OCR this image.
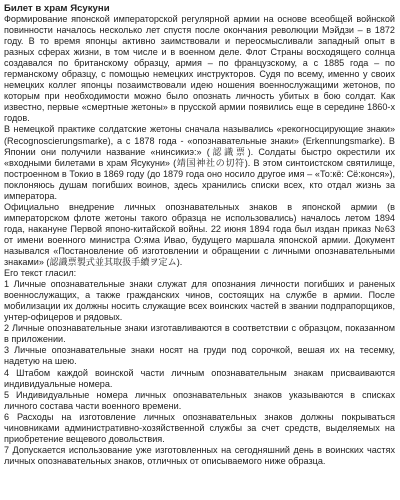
Билет в храм Ясукуни

Формирование японской императорской регулярной армии на основе всеобщей войнской повинности началось несколько лет спустя после окончания революции Мэйдзи – в 1872 году. В то время японцы активно заимствовали и переосмысливали западный опыт в разных сферах жизни, в том числе и в военном деле. Флот Страны восходящего солнца создавался по британскому образцу, армия – по французскому, а с 1885 года – по германскому образцу, с помощью немецких инструкторов. Судя по всему, именно у своих немецких коллег японцы позаимствовали идею ношения военнослужащими жетонов, по которым при необходимости можно было опознать личность убитых в бою солдат. Как известно, первые «смертные жетоны» в прусской армии появились еще в середине 1860-х годов.

В немецкой практике солдатские жетоны сначала назывались «рекогносцирующие знаки» (Recognoscierungsmarke), а с 1878 года - «опознавательные знаки» (Erkennungsmarke). В Японии они получили название «нинсикиэ:» (認識票). Солдаты быстро окрестили их «входными билетами в храм Ясукуни» (靖国神社の切符). В этом синтоистском святилище, построенном в Токио в 1869 году (до 1879 года оно носило другое имя – «То:кё: Сё:конся»), поклоняюсь душам погибших воинов, здесь хранились списки всех, кто отдал жизнь за императора.

Официально внедрение личных опознавательных знаков в японской армии (в императорском флоте жетоны такого образца не использовались) началось летом 1894 года, накануне Первой японо-китайской войны. 22 июня 1894 года был издан приказ №63 от имени военного министра О:яма Ивао, будущего маршала японской армии. Документ назывался «Постановление об изготовлении и обращении с личными опознавательными знаками» (認識票製式並其取扱手續ヲ定ム).

Его текст гласил:

1 Личные опознавательные знаки служат для опознания личности погибших и раненых военнослужащих, а также гражданских чинов, состоящих на службе в армии. После мобилизации их должны носить служащие всех воинских частей в звании подпрапорщиков, унтер-офицеров и рядовых.

2 Личные опознавательные знаки изготавливаются в соответствии с образцом, показанном в приложении.

3 Личные опознавательные знаки носят на груди под сорочкой, вешая их на тесемку, надетую на шею.

4 Штабом каждой воинской части личным опознавательным знакам присваиваются индивидуальные номера.

5 Индивидуальные номера личных опознавательных знаков указываются в списках личного состава части военного времени.

6 Расходы на изготовление личных опознавательных знаков должны покрываться чиновниками административно-хозяйственной службы за счет средств, выделяемых на приобретение вещевого довольствия.

7 Допускается использование уже изготовленных на сегодняшний день в воинских частях личных опознавательных знаков, отличных от описываемого ниже образца.
